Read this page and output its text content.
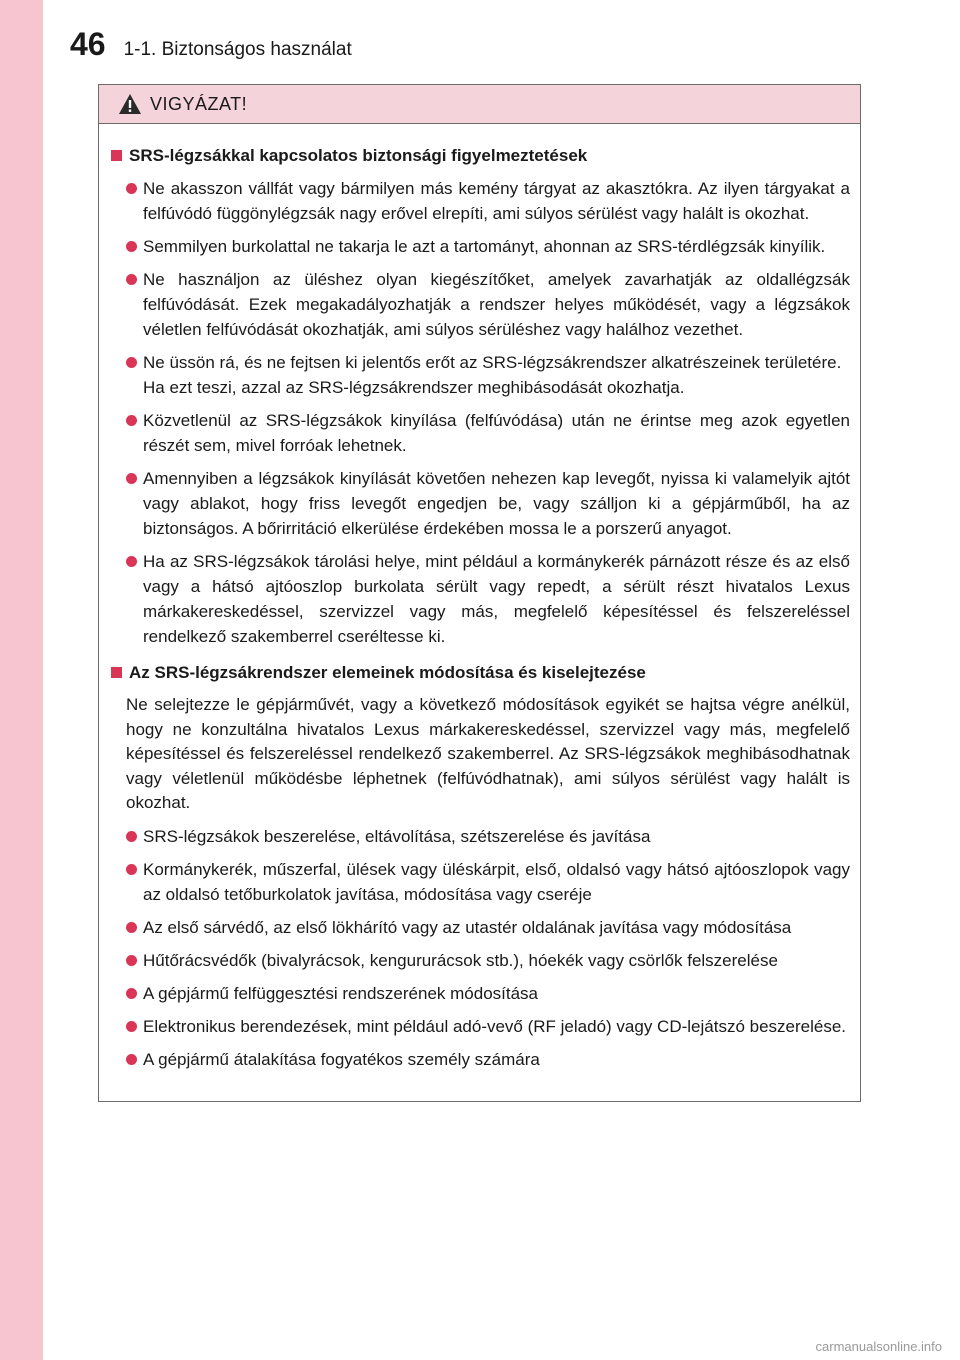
46 1-1. Biztonságos használat
VIGYÁZAT!
SRS-légzsákkal kapcsolatos biztonsági figyelmeztetések
Ne akasszon vállfát vagy bármilyen más kemény tárgyat az akasztókra. Az ilyen tárgyakat a felfúvódó függönylégzsák nagy erővel elrepíti, ami súlyos sérülést vagy halált is okozhat.
Semmilyen burkolattal ne takarja le azt a tartományt, ahonnan az SRS-térdlégzsák kinyílik.
Ne használjon az üléshez olyan kiegészítőket, amelyek zavarhatják az oldallégzsák felfúvódását. Ezek megakadályozhatják a rendszer helyes működését, vagy a légzsákok véletlen felfúvódását okozhatják, ami súlyos sérüléshez vagy halálhoz vezethet.
Ne üssön rá, és ne fejtsen ki jelentős erőt az SRS-légzsákrendszer alkatrészeinek területére.
Ha ezt teszi, azzal az SRS-légzsákrendszer meghibásodását okozhatja.
Közvetlenül az SRS-légzsákok kinyílása (felfúvódása) után ne érintse meg azok egyetlen részét sem, mivel forróak lehetnek.
Amennyiben a légzsákok kinyílását követően nehezen kap levegőt, nyissa ki valamelyik ajtót vagy ablakot, hogy friss levegőt engedjen be, vagy szálljon ki a gépjárműből, ha az biztonságos. A bőrirritáció elkerülése érdekében mossa le a porszerű anyagot.
Ha az SRS-légzsákok tárolási helye, mint például a kormánykerék párnázott része és az első vagy a hátsó ajtóoszlop burkolata sérült vagy repedt, a sérült részt hivatalos Lexus márkakereskedéssel, szervizzel vagy más, megfelelő képesítéssel és felszereléssel rendelkező szakemberrel cseréltesse ki.
Az SRS-légzsákrendszer elemeinek módosítása és kiselejtezése
Ne selejtezze le gépjárművét, vagy a következő módosítások egyikét se hajtsa végre anélkül, hogy ne konzultálna hivatalos Lexus márkakereskedéssel, szervizzel vagy más, megfelelő képesítéssel és felszereléssel rendelkező szakemberrel. Az SRS-légzsákok meghibásodhatnak vagy véletlenül működésbe léphetnek (felfúvódhatnak), ami súlyos sérülést vagy halált is okozhat.
SRS-légzsákok beszerelése, eltávolítása, szétszerelése és javítása
Kormánykerék, műszerfal, ülések vagy üléskárpit, első, oldalsó vagy hátsó ajtóoszlopok vagy az oldalsó tetőburkolatok javítása, módosítása vagy cseréje
Az első sárvédő, az első lökhárító vagy az utastér oldalának javítása vagy módosítása
Hűtőrácsvédők (bivalyrácsok, kengururácsok stb.), hóekék vagy csörlők felszerelése
A gépjármű felfüggesztési rendszerének módosítása
Elektronikus berendezések, mint például adó-vevő (RF jeladó) vagy CD-lejátszó beszerelése.
A gépjármű átalakítása fogyatékos személy számára
carmanualsonline.info
